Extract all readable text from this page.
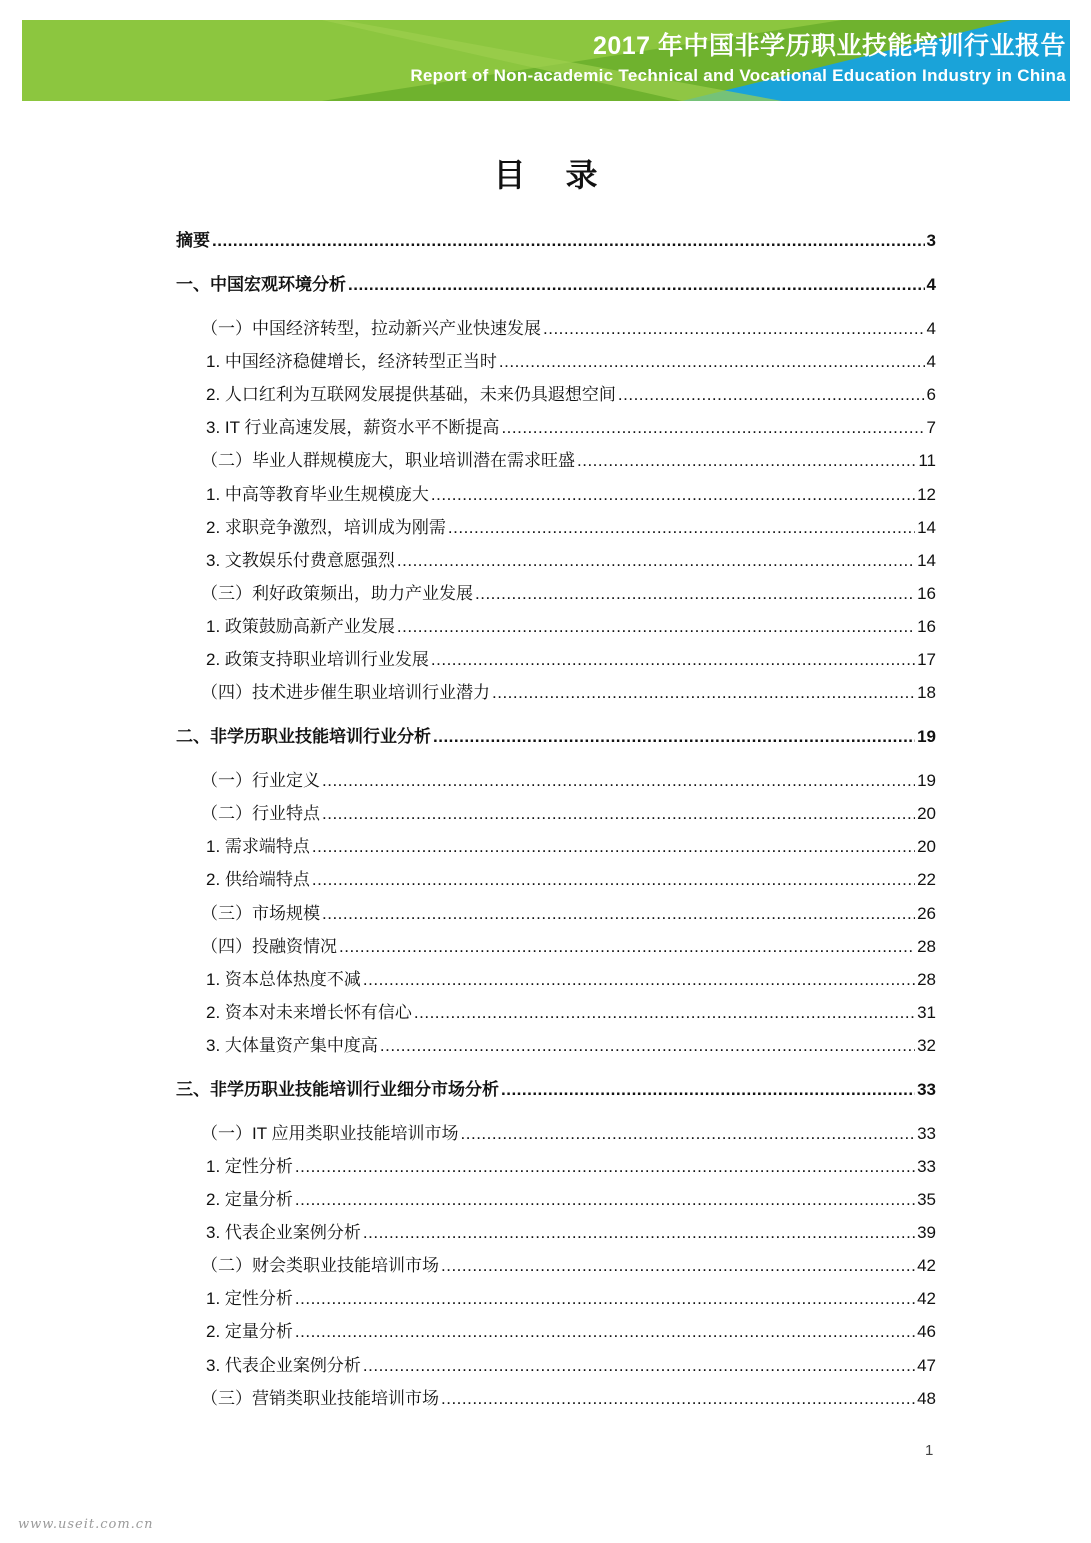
2017 年中国非学历职业技能培训行业报告
Report of Non-academic Technical and Vocational Education Industry in China
目录
摘要 .....	3
一、中国宏观环境分析 .....	4
（一）中国经济转型，拉动新兴产业快速发展 .....	4
1. 中国经济稳健增长，经济转型正当时 .....	4
2. 人口红利为互联网发展提供基础，未来仍具遐想空间 .....	6
3. IT 行业高速发展，薪资水平不断提高 .....	7
（二）毕业人群规模庞大，职业培训潜在需求旺盛 .....	11
1. 中高等教育毕业生规模庞大 .....	12
2. 求职竞争激烈，培训成为刚需 .....	14
3. 文教娱乐付费意愿强烈 .....	14
（三）利好政策频出，助力产业发展 .....	16
1. 政策鼓励高新产业发展 .....	16
2. 政策支持职业培训行业发展 .....	17
（四）技术进步催生职业培训行业潜力 .....	18
二、非学历职业技能培训行业分析 .....	19
（一）行业定义 .....	19
（二）行业特点 .....	20
1. 需求端特点 .....	20
2. 供给端特点 .....	22
（三）市场规模 .....	26
（四）投融资情况 .....	28
1. 资本总体热度不减 .....	28
2. 资本对未来增长怀有信心 .....	31
3. 大体量资产集中度高 .....	32
三、非学历职业技能培训行业细分市场分析 .....	33
（一）IT 应用类职业技能培训市场 .....	33
1. 定性分析 .....	33
2. 定量分析 .....	35
3. 代表企业案例分析 .....	39
（二）财会类职业技能培训市场 .....	42
1. 定性分析 .....	42
2. 定量分析 .....	46
3. 代表企业案例分析 .....	47
（三）营销类职业技能培训市场 .....	48
1
www.useit.com.cn
